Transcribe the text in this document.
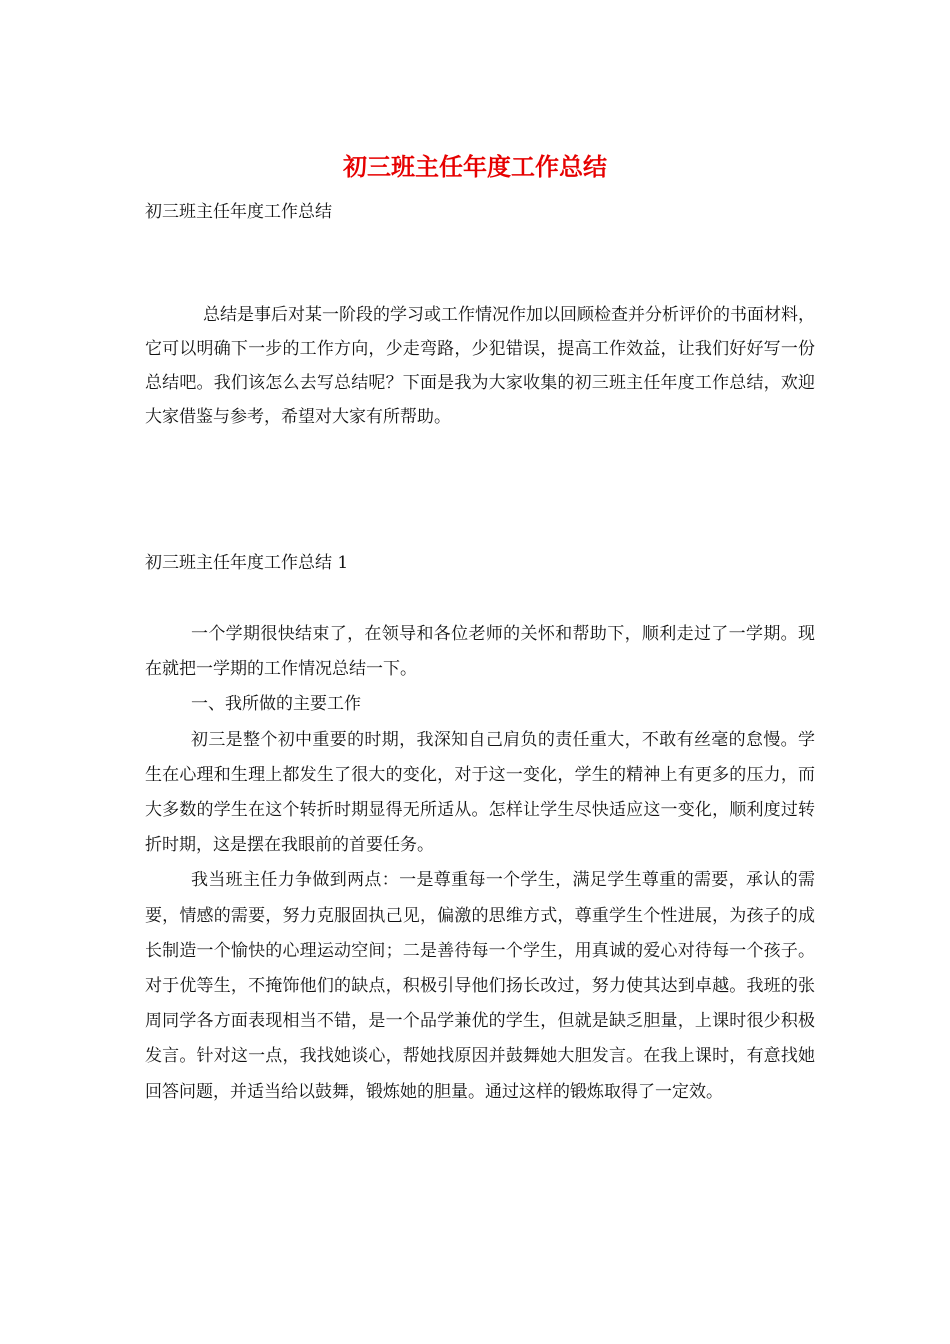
初三班主任年度工作总结
初三班主任年度工作总结

总结是事后对某一阶段的学习或工作情况作加以回顾检查并分析评价的书面材料，它可以明确下一步的工作方向，少走弯路，少犯错误，提高工作效益，让我们好好写一份总结吧。我们该怎么去写总结呢？下面是我为大家收集的初三班主任年度工作总结，欢迎大家借鉴与参考，希望对大家有所帮助。

初三班主任年度工作总结 1

一个学期很快结束了，在领导和各位老师的关怀和帮助下，顺利走过了一学期。现在就把一学期的工作情况总结一下。

一、我所做的主要工作

初三是整个初中重要的时期，我深知自己肩负的责任重大，不敢有丝毫的怠慢。学生在心理和生理上都发生了很大的变化，对于这一变化，学生的精神上有更多的压力，而大多数的学生在这个转折时期显得无所适从。怎样让学生尽快适应这一变化，顺利度过转折时期，这是摆在我眼前的首要任务。

我当班主任力争做到两点：一是尊重每一个学生，满足学生尊重的需要，承认的需要，情感的需要，努力克服固执己见，偏激的思维方式，尊重学生个性进展，为孩子的成长制造一个愉快的心理运动空间；二是善待每一个学生，用真诚的爱心对待每一个孩子。对于优等生，不掩饰他们的缺点，积极引导他们扬长改过，努力使其达到卓越。我班的张周同学各方面表现相当不错，是一个品学兼优的学生，但就是缺乏胆量，上课时很少积极发言。针对这一点，我找她谈心，帮她找原因并鼓舞她大胆发言。在我上课时，有意找她回答问题，并适当给以鼓舞，锻炼她的胆量。通过这样的锻炼取得了一定效。
